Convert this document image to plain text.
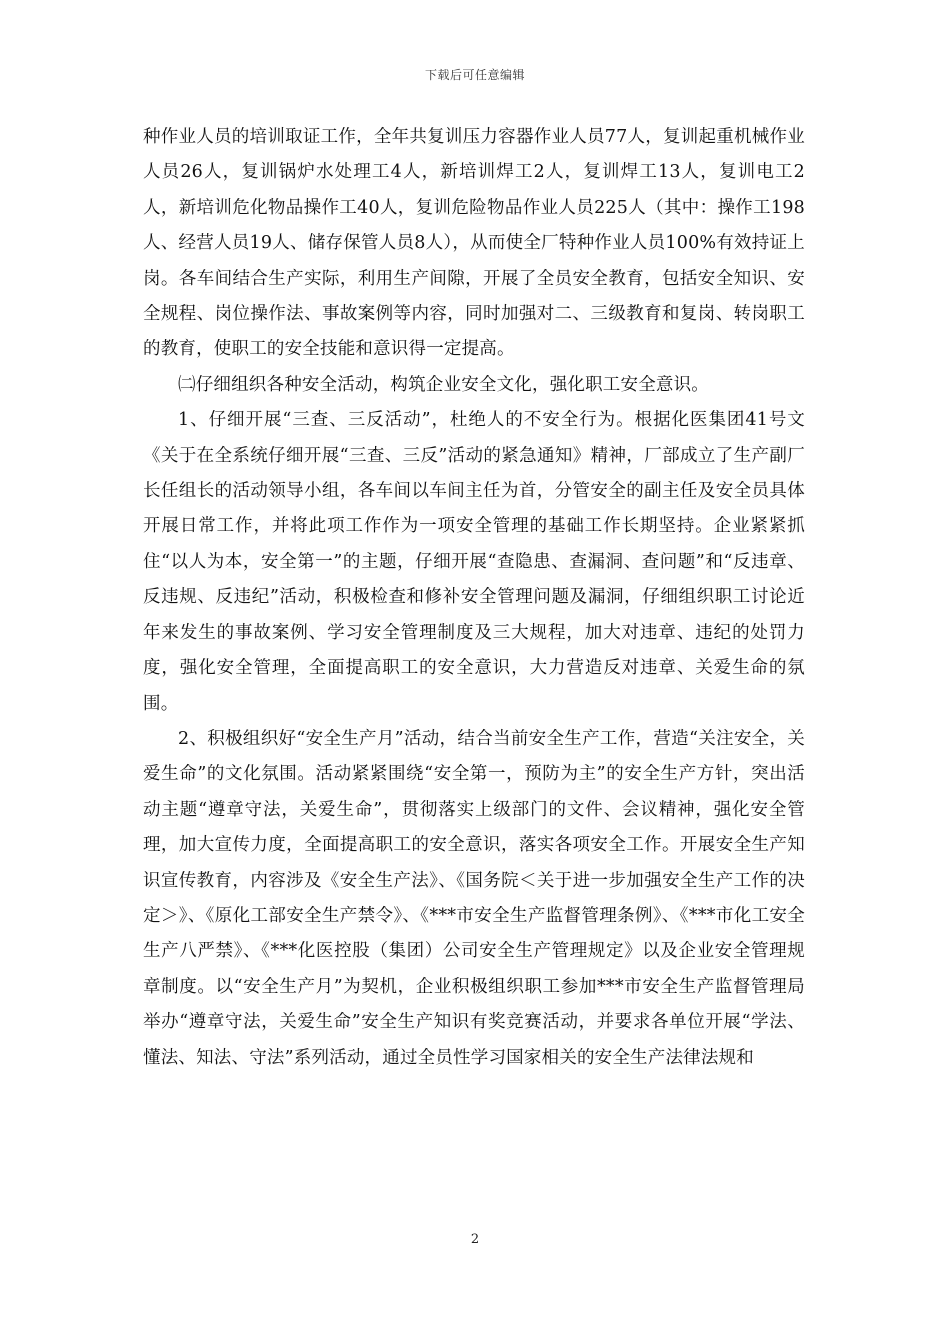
下载后可任意编辑

种作业人员的培训取证工作，全年共复训压力容器作业人员77人，复训起重机械作业人员26人，复训锅炉水处理工4人，新培训焊工2人，复训焊工13人，复训电工2人，新培训危化物品操作工40人，复训危险物品作业人员225人（其中：操作工198人、经营人员19人、储存保管人员8人），从而使全厂特种作业人员100%有效持证上岗。各车间结合生产实际，利用生产间隙，开展了全员安全教育，包括安全知识、安全规程、岗位操作法、事故案例等内容，同时加强对二、三级教育和复岗、转岗职工的教育，使职工的安全技能和意识得一定提高。

㈡仔细组织各种安全活动，构筑企业安全文化，强化职工安全意识。

1、仔细开展“三查、三反活动”，杜绝人的不安全行为。根据化医集团41号文《关于在全系统仔细开展“三查、三反”活动的紧急通知》精神，厂部成立了生产副厂长任组长的活动领导小组，各车间以车间主任为首，分管安全的副主任及安全员具体开展日常工作，并将此项工作作为一项安全管理的基础工作长期坚持。企业紧紧抓住“以人为本，安全第一”的主题，仔细开展“查隐患、查漏洞、查问题”和“反违章、反违规、反违纪”活动，积极检查和修补安全管理问题及漏洞，仔细组织职工讨论近年来发生的事故案例、学习安全管理制度及三大规程，加大对违章、违纪的处罚力度，强化安全管理，全面提高职工的安全意识，大力营造反对违章、关爱生命的氛围。

2、积极组织好“安全生产月”活动，结合当前安全生产工作，营造“关注安全，关爱生命”的文化氛围。活动紧紧围绕“安全第一，预防为主”的安全生产方针，突出活动主题“遵章守法，关爱生命”，贯彻落实上级部门的文件、会议精神，强化安全管理，加大宣传力度，全面提高职工的安全意识，落实各项安全工作。开展安全生产知识宣传教育，内容涉及《安全生产法》、《国务院＜关于进一步加强安全生产工作的决定＞》、《原化工部安全生产禁令》、《***市安全生产监督管理条例》、《***市化工安全生产八严禁》、《***化医控股（集团）公司安全生产管理规定》以及企业安全管理规章制度。以“安全生产月”为契机，企业积极组织职工参加***市安全生产监督管理局举办“遵章守法，关爱生命”安全生产知识有奖竞赛活动，并要求各单位开展“学法、懂法、知法、守法”系列活动，通过全员性学习国家相关的安全生产法律法规和

2
